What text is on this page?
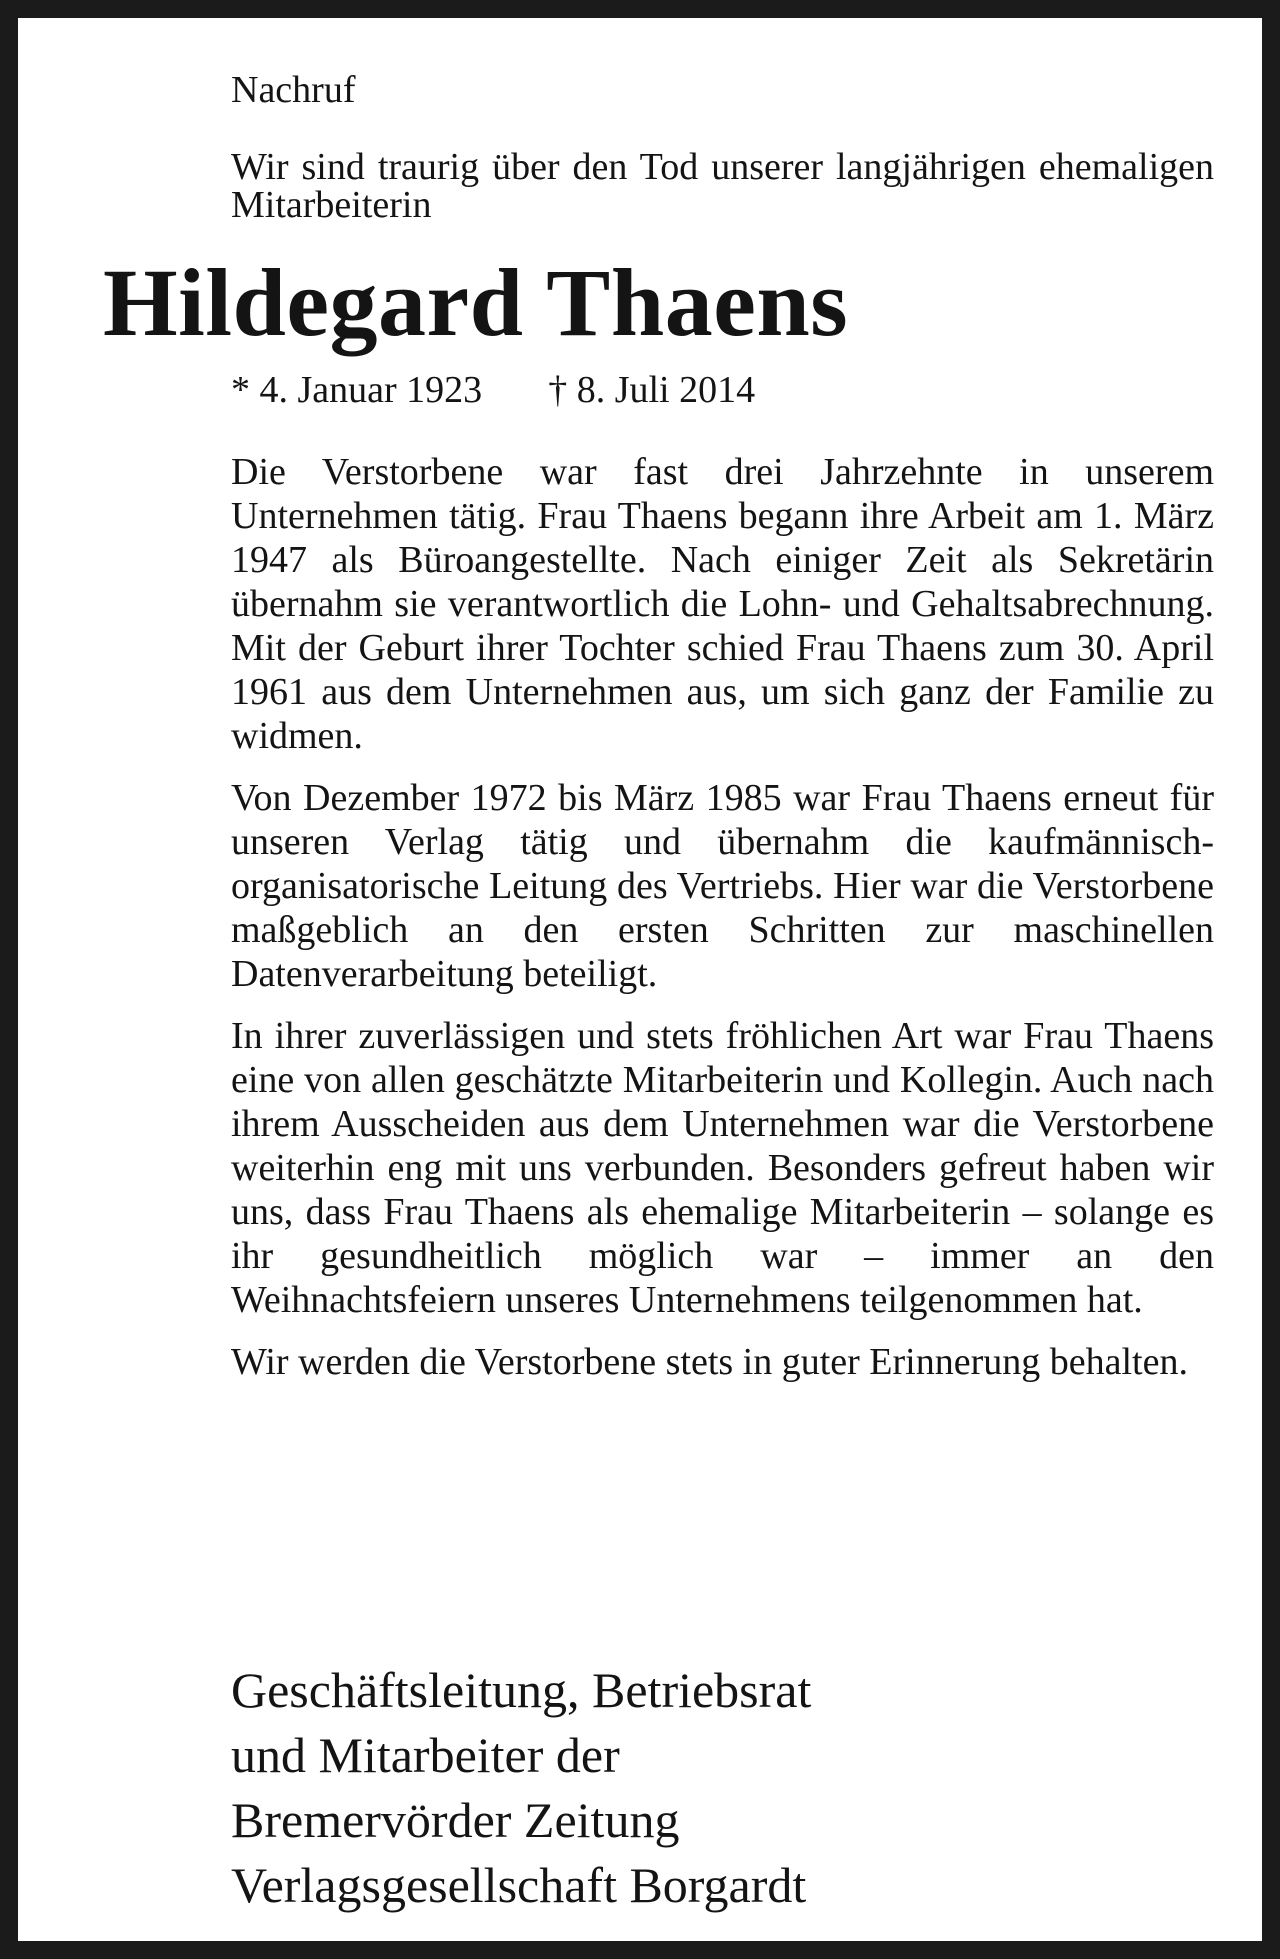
Nachruf

Wir sind traurig über den Tod unserer langjährigen ehemaligen Mitarbeiterin

Hildegard Thaens
* 4. Januar 1923 † 8. Juli 2014

Die Verstorbene war fast drei Jahrzehnte in unserem Unternehmen tätig. Frau Thaens begann ihre Arbeit am 1. März 1947 als Büroangestellte. Nach einiger Zeit als Sekretärin übernahm sie verantwortlich die Lohn- und Gehaltsabrechnung. Mit der Geburt ihrer Tochter schied Frau Thaens zum 30. April 1961 aus dem Unternehmen aus, um sich ganz der Familie zu widmen.

Von Dezember 1972 bis März 1985 war Frau Thaens erneut für unseren Verlag tätig und übernahm die kaufmännisch-organisatorische Leitung des Vertriebs. Hier war die Verstorbene maßgeblich an den ersten Schritten zur maschinellen Datenverarbeitung beteiligt.

In ihrer zuverlässigen und stets fröhlichen Art war Frau Thaens eine von allen geschätzte Mitarbeiterin und Kollegin. Auch nach ihrem Ausscheiden aus dem Unternehmen war die Verstorbene weiterhin eng mit uns verbunden. Besonders gefreut haben wir uns, dass Frau Thaens als ehemalige Mitarbeiterin – solange es ihr gesundheitlich möglich war – immer an den Weihnachtsfeiern unseres Unternehmens teilgenommen hat.

Wir werden die Verstorbene stets in guter Erinnerung behalten.

Geschäftsleitung, Betriebsrat
und Mitarbeiter der
Bremervörder Zeitung
Verlagsgesellschaft Borgardt
